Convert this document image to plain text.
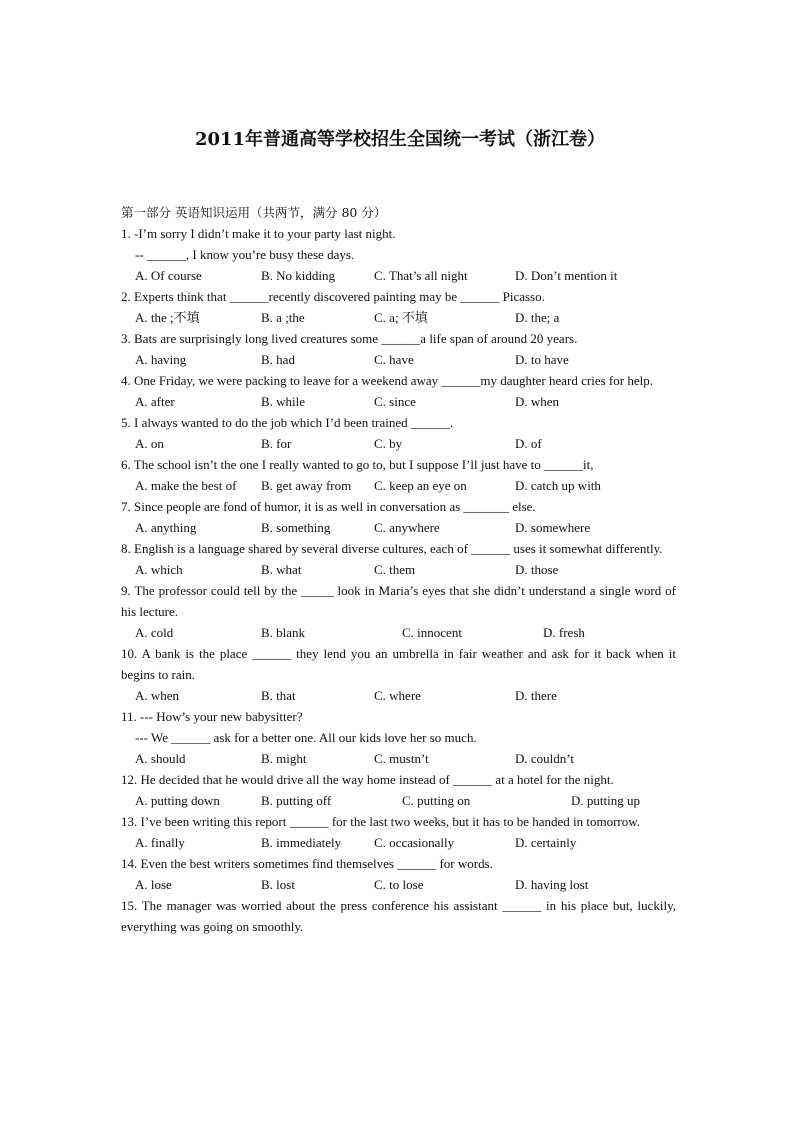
2011年普通高等学校招生全国统一考试（浙江卷）
第一部分 英语知识运用（共两节，满分 80 分）
1. -I’m sorry I didn’t make it to your party last night.
-- ______, I know you’re busy these days.
A. Of course	B. No kidding	C. That’s all night	D. Don’t mention it
2. Experts think that ______recently discovered painting may be ______ Picasso.
A. the ;不填	B. a ;the	C. a; 不填	D. the; a
3. Bats are surprisingly long lived creatures some ______a life span of around 20 years.
A. having	B. had	C. have	D. to have
4. One Friday, we were packing to leave for a weekend away ______my daughter heard cries for help.
A. after	B. while	C. since	D. when
5. I always wanted to do the job which I’d been trained ______.
A. on	B. for	C. by	D. of
6. The school isn’t the one I really wanted to go to, but I suppose I’ll just have to ______it,
A. make the best of B. get away from C. keep an eye on	D. catch up with
7. Since people are fond of humor, it is as well in conversation as _______ else.
A. anything	B. something	C. anywhere	D. somewhere
8. English is a language shared by several diverse cultures, each of ______ uses it somewhat differently.
A. which	B. what	C. them	D. those
9. The professor could tell by the _____ look in Maria’s eyes that she didn’t understand a single word of his lecture.
A. cold	B. blank	C. innocent	D. fresh
10. A bank is the place ______ they lend you an umbrella in fair weather and ask for it back when it begins to rain.
A. when	B. that	C. where	D. there
11. --- How’s your new babysitter?
--- We ______ ask for a better one. All our kids love her so much.
A. should	B. might	C. mustn’t	D. couldn’t
12. He decided that he would drive all the way home instead of ______ at a hotel for the night.
A. putting down	B. putting off	C. putting on	D. putting up
13. I’ve been writing this report ______ for the last two weeks, but it has to be handed in tomorrow.
A. finally	B. immediately	C. occasionally	D. certainly
14. Even the best writers sometimes find themselves ______ for words.
A. lose	B. lost	C. to lose	D. having lost
15. The manager was worried about the press conference his assistant ______ in his place but, luckily, everything was going on smoothly.
